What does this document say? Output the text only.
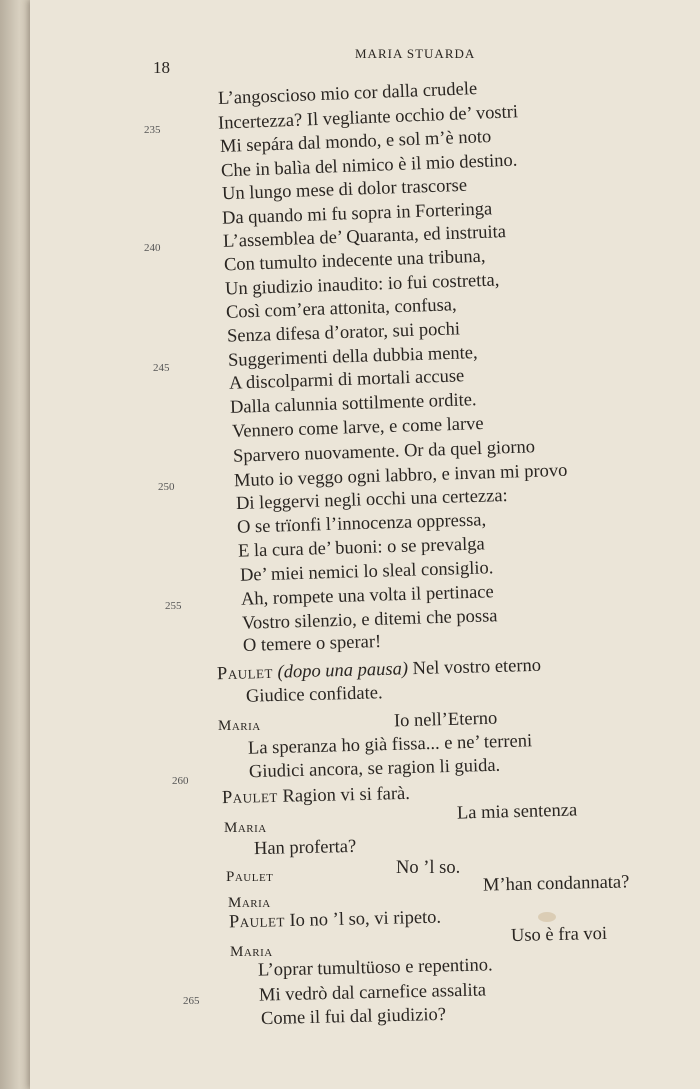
18
MARIA STUARDA
235
240
245
250
255
260
265
L’angoscioso mio cor dalla crudele
Incertezza? Il vegliante occhio de’ vostri
Mi sepára dal mondo, e sol m’è noto
Che in balìa del nimico è il mio destino.
Un lungo mese di dolor trascorse
Da quando mi fu sopra in Forteringa
L’assemblea de’ Quaranta, ed instruita
Con tumulto indecente una tribuna,
Un giudizio inaudito: io fui costretta,
Così com’era attonita, confusa,
Senza difesa d’orator, sui pochi
Suggerimenti della dubbia mente,
A discolparmi di mortali accuse
Dalla calunnia sottilmente ordite.
Vennero come larve, e come larve
Sparvero nuovamente. Or da quel giorno
Muto io veggo ogni labbro, e invan mi provo
Di leggervi negli occhi una certezza:
O se trïonfi l’innocenza oppressa,
E la cura de’ buoni: o se prevalga
De’ miei nemici lo sleal consiglio.
Ah, rompete una volta il pertinace
Vostro silenzio, e ditemi che possa
O temere o sperar!
Paulet (dopo una pausa) Nel vostro eterno
Giudice confidate.
Maria	Io nell’Eterno
La speranza ho già fissa... e ne’ terreni
Giudici ancora, se ragion li guida.
Paulet Ragion vi si farà.
Maria
La mia sentenza
Han proferta?
Paulet	No ’l so.
Maria
M’han condannata?
Paulet Io no ’l so, vi ripeto.
Maria
Uso è fra voi
L’oprar tumultüoso e repentino.
Mi vedrò dal carnefice assalita
Come il fui dal giudizio?
